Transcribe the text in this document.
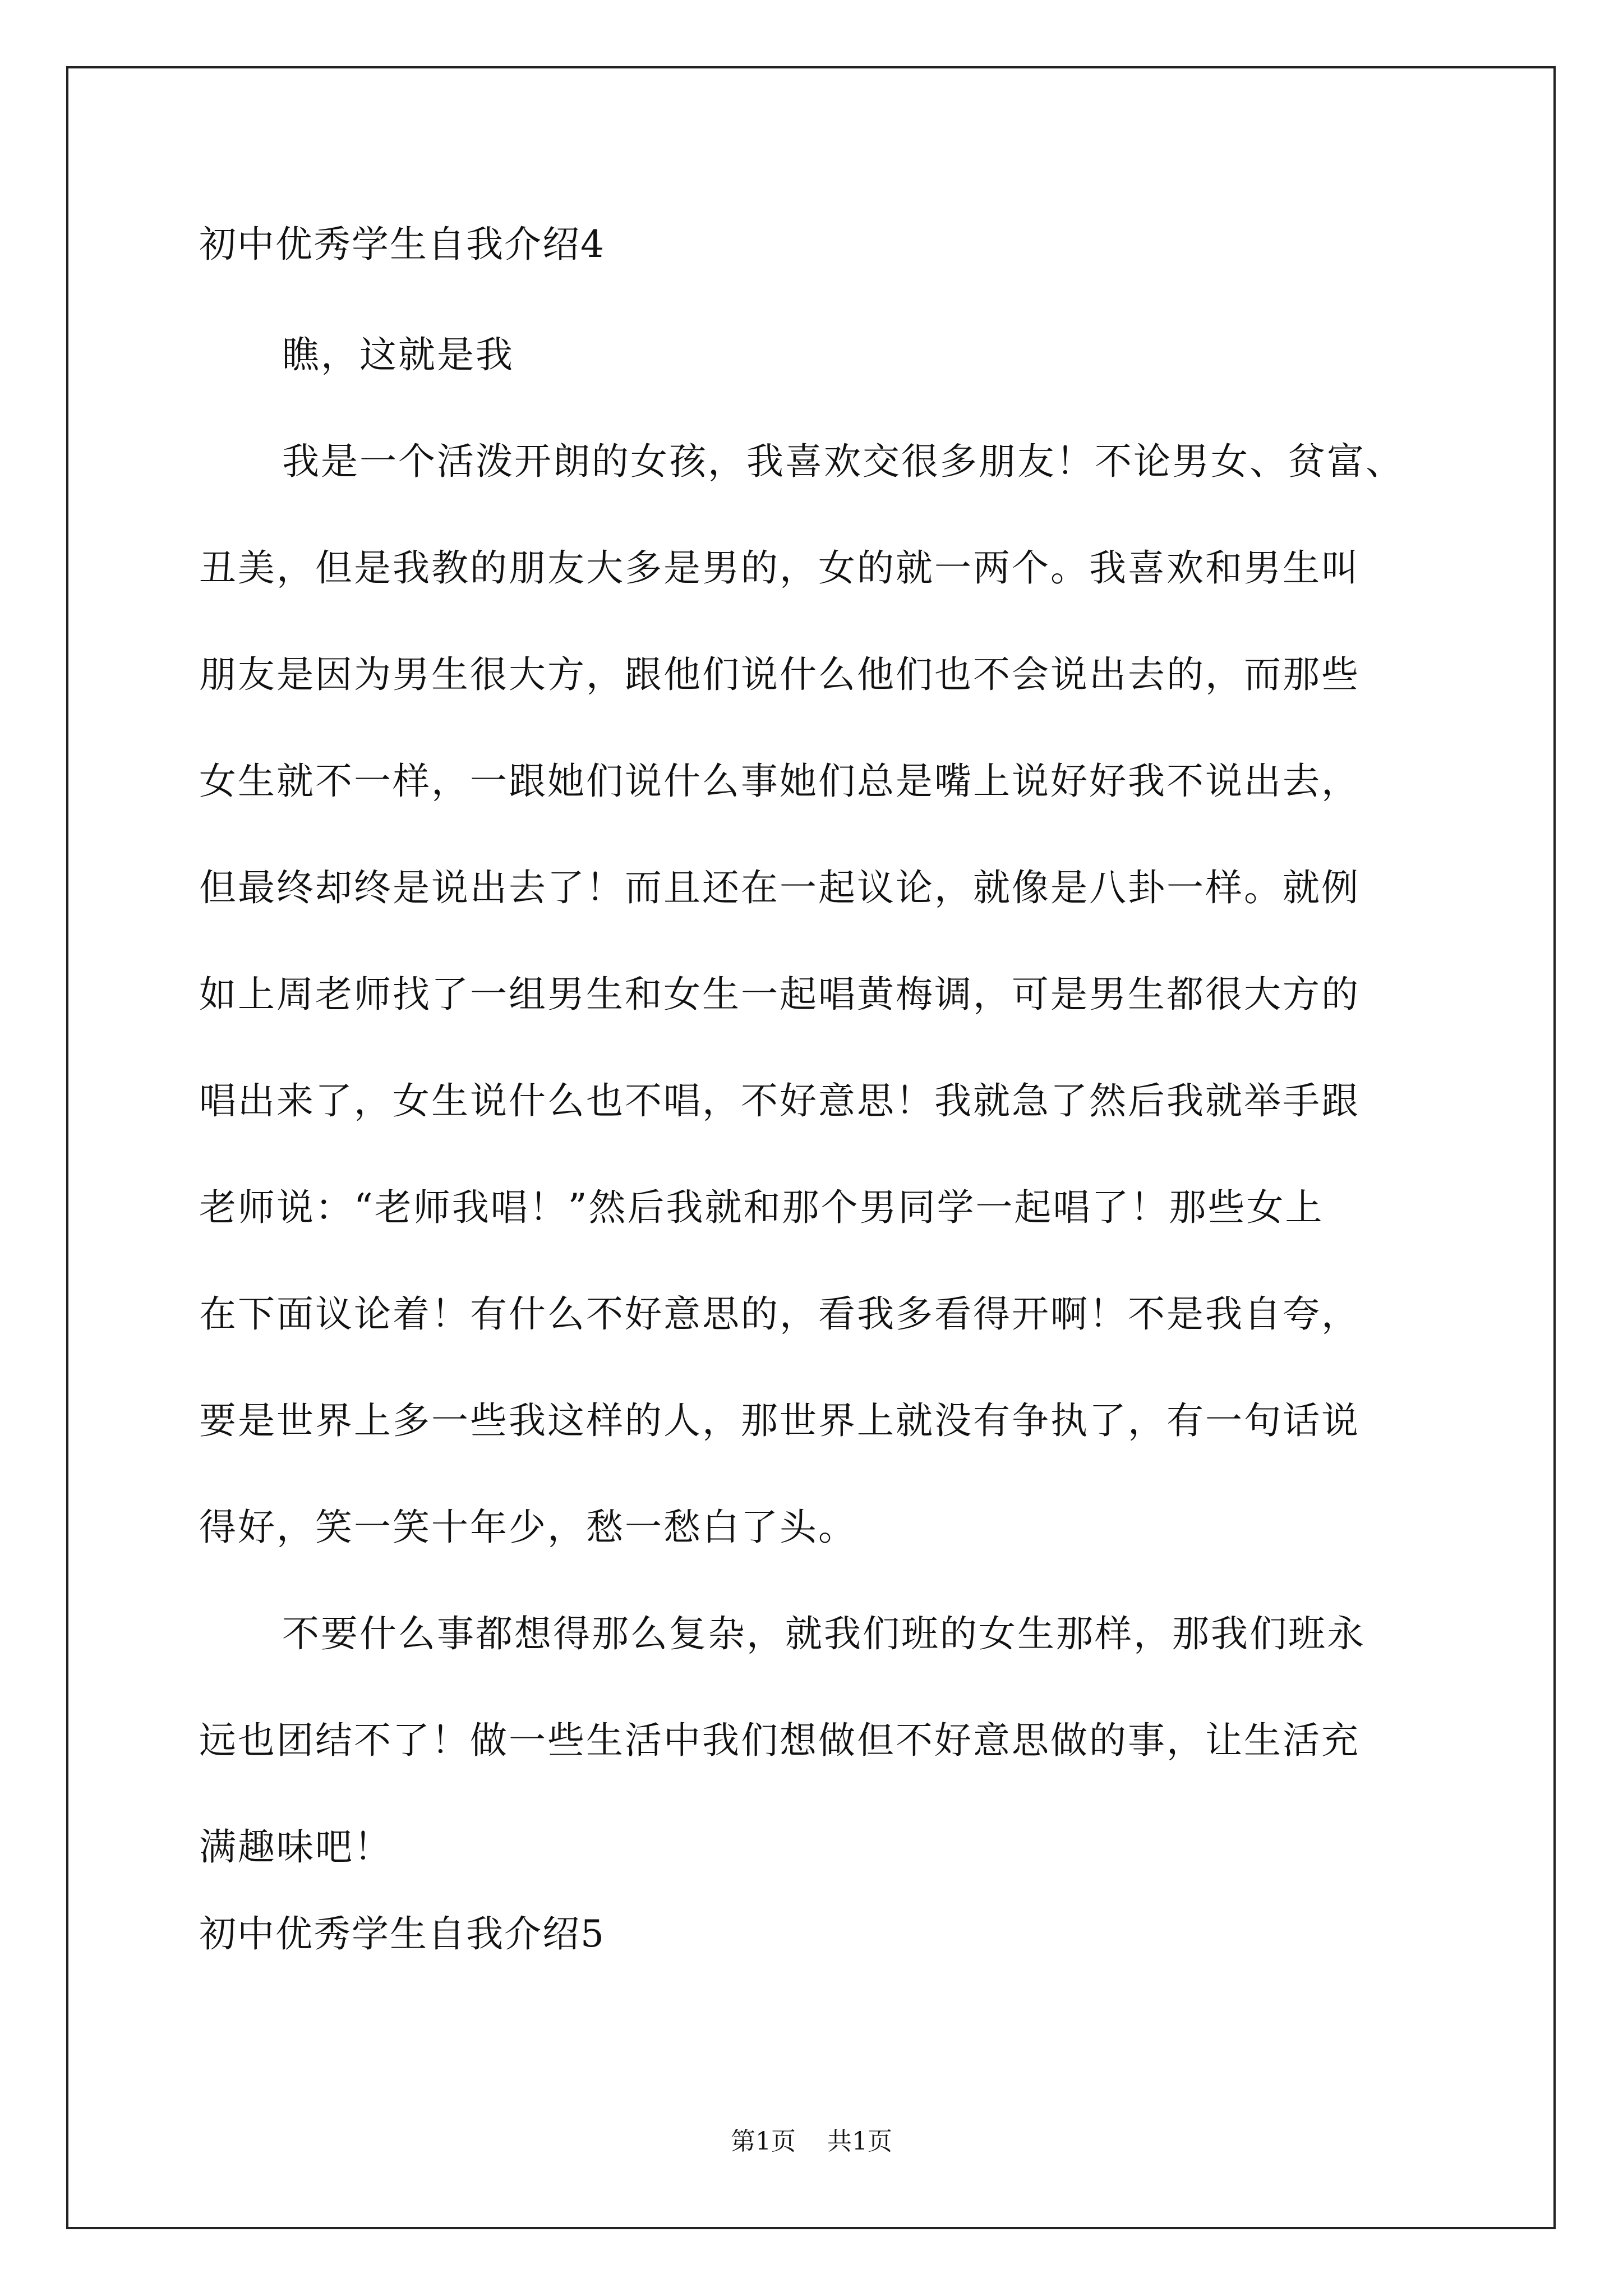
初中优秀学生自我介绍4
瞧，这就是我
我是一个活泼开朗的女孩，我喜欢交很多朋友！不论男女、贫富、
丑美，但是我教的朋友大多是男的，女的就一两个。我喜欢和男生叫
朋友是因为男生很大方，跟他们说什么他们也不会说出去的，而那些
女生就不一样，一跟她们说什么事她们总是嘴上说好好我不说出去，
但最终却终是说出去了！而且还在一起议论，就像是八卦一样。就例
如上周老师找了一组男生和女生一起唱黄梅调，可是男生都很大方的
唱出来了，女生说什么也不唱，不好意思！我就急了然后我就举手跟
老师说：“老师我唱！”然后我就和那个男同学一起唱了！那些女上
在下面议论着！有什么不好意思的，看我多看得开啊！不是我自夸，
要是世界上多一些我这样的人，那世界上就没有争执了，有一句话说
得好，笑一笑十年少，愁一愁白了头。
不要什么事都想得那么复杂，就我们班的女生那样，那我们班永
远也团结不了！做一些生活中我们想做但不好意思做的事，让生活充
满趣味吧！
初中优秀学生自我介绍5
第1页 共1页
